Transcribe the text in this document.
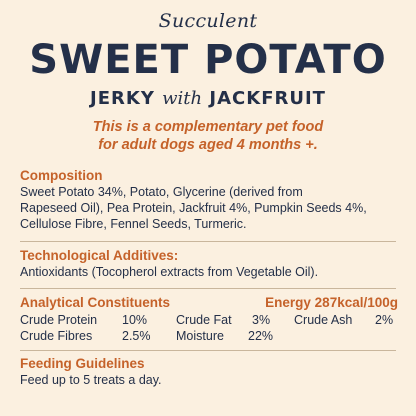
Succulent
SWEET POTATO
JERKY with JACKFRUIT
This is a complementary pet food
for adult dogs aged 4 months +.
Composition
Sweet Potato 34%, Potato, Glycerine (derived from
Rapeseed Oil), Pea Protein, Jackfruit 4%, Pumpkin Seeds 4%,
Cellulose Fibre, Fennel Seeds, Turmeric.
Technological Additives:
Antioxidants (Tocopherol extracts from Vegetable Oil).
Analytical Constituents	Energy 287kcal/100g
Crude Protein 10% Crude Fat 3% Crude Ash 2%
Crude Fibres 2.5% Moisture 22%
Feeding Guidelines
Feed up to 5 treats a day.
